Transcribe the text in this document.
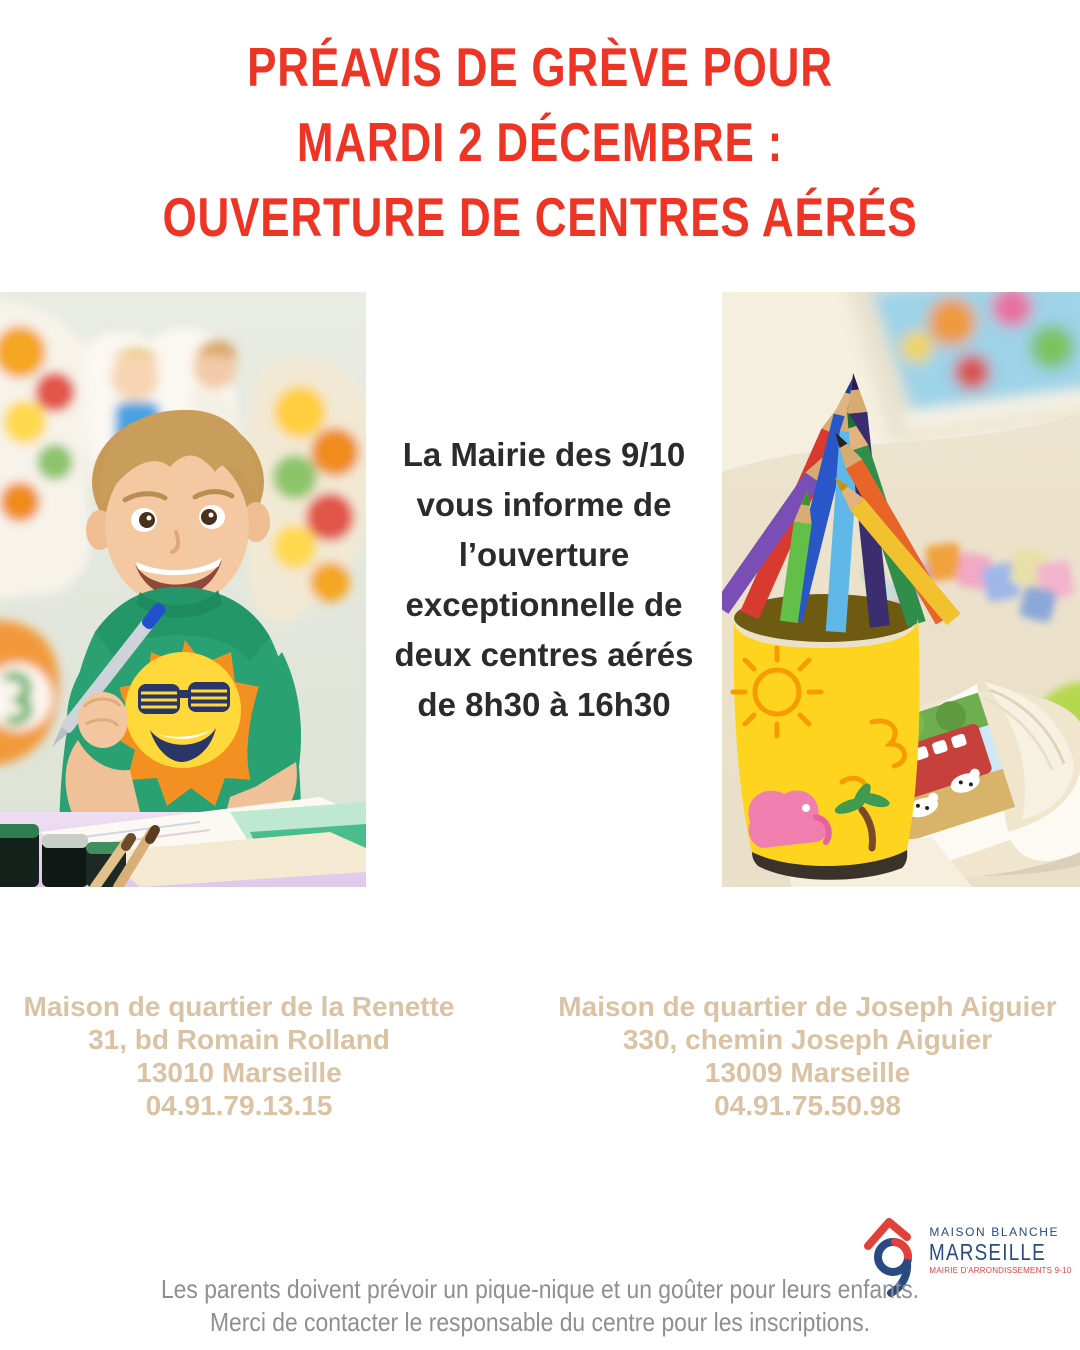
PRÉAVIS DE GRÈVE POUR
MARDI 2 DÉCEMBRE :
OUVERTURE DE CENTRES AÉRÉS
La Mairie des 9/10
vous informe de
l’ouverture
exceptionnelle de
deux centres aérés
de 8h30 à 16h30
Maison de quartier de la Renette
31, bd Romain Rolland
13010 Marseille
04.91.79.13.15
Maison de quartier de Joseph Aiguier
330, chemin Joseph Aiguier
13009 Marseille
04.91.75.50.98
MAISON BLANCHE
MARSEILLE
MAIRIE D'ARRONDISSEMENTS 9-10
Les parents doivent prévoir un pique-nique et un goûter pour leurs enfants.
Merci de contacter le responsable du centre pour les inscriptions.
